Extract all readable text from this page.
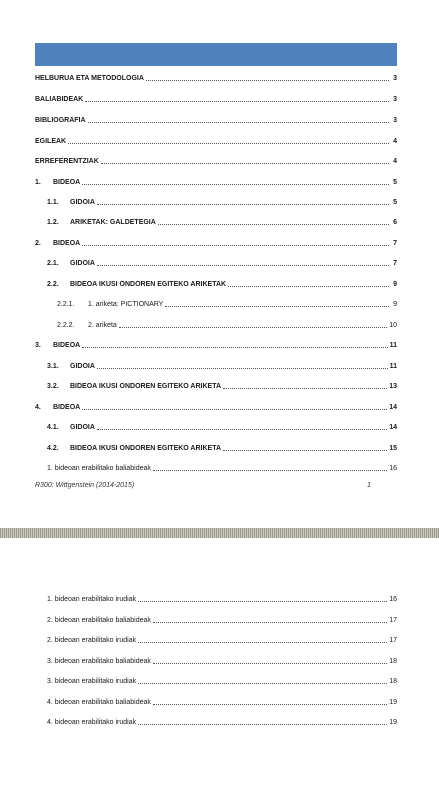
HELBURUA ETA METODOLOGIA	3
BALIABIDEAK	3
BIBLIOGRAFIA	3
EGILEAK	4
ERREFERENTZIAK	4
1.	BIDEOA	5
1.1.	GIDOIA	5
1.2.	ARIKETAK: GALDETEGIA	6
2.	BIDEOA	7
2.1.	GIDOIA	7
2.2.	BIDEOA IKUSI ONDOREN EGITEKO ARIKETAK	9
2.2.1.	1. ariketa: PICTIONARY	9
2.2.2.	2. ariketa	10
3.	BIDEOA	11
3.1.	GIDOIA	11
3.2.	BIDEOA IKUSI ONDOREN EGITEKO ARIKETA	13
4.	BIDEOA	14
4.1.	GIDOIA	14
4.2.	BIDEOA IKUSI ONDOREN EGITEKO ARIKETA	15
1. bideoan erabilitako baliabideak	16
R300: Wittgenstein (2014-2015)	1
1. bideoan erabilitako irudiak	16
2. bideoan erabilitako baliabideak	17
2. bideoan erabilitako irudiak	17
3. bideoan erabilitako baliabideak	18
3. bideoan erabilitako irudiak	18
4. bideoan erabilitako baliabideak	19
4. bideoan erabilitako irudiak	19
